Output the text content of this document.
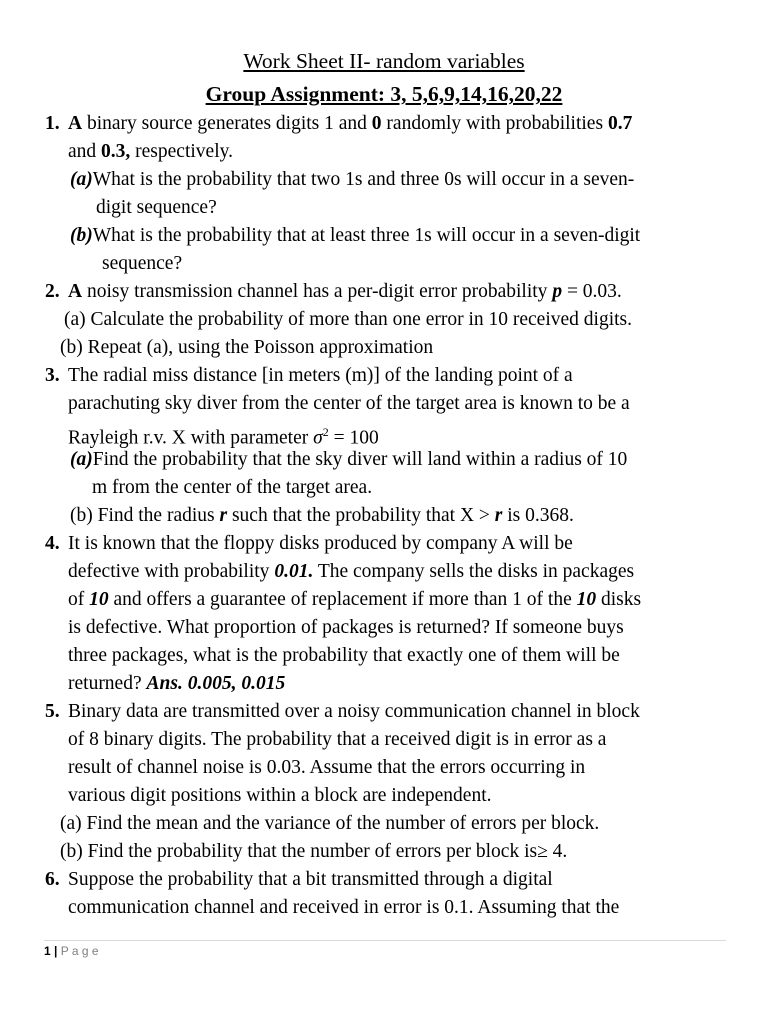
Work Sheet II- random variables
Group Assignment: 3, 5,6,9,14,16,20,22
1. A binary source generates digits 1 and 0 randomly with probabilities 0.7
and 0.3, respectively.
(a)What is the probability that two 1s and three 0s will occur in a seven-
digit sequence?
(b)What is the probability that at least three 1s will occur in a seven-digit
sequence?
2. A noisy transmission channel has a per-digit error probability p = 0.03.
(a) Calculate the probability of more than one error in 10 received digits.
(b) Repeat (a), using the Poisson approximation
3. The radial miss distance [in meters (m)] of the landing point of a
parachuting sky diver from the center of the target area is known to be a
Rayleigh r.v. X with parameter $\sigma^2 = 100$
(a)Find the probability that the sky diver will land within a radius of 10
m from the center of the target area.
(b) Find the radius r such that the probability that X > r is 0.368.
4. It is known that the floppy disks produced by company A will be
defective with probability 0.01. The company sells the disks in packages
of 10 and offers a guarantee of replacement if more than 1 of the 10 disks
is defective. What proportion of packages is returned? If someone buys
three packages, what is the probability that exactly one of them will be
returned? Ans. 0.005, 0.015
5. Binary data are transmitted over a noisy communication channel in block
of 8 binary digits. The probability that a received digit is in error as a
result of channel noise is 0.03. Assume that the errors occurring in
various digit positions within a block are independent.
(a) Find the mean and the variance of the number of errors per block.
(b) Find the probability that the number of errors per block is≥ 4.
6. Suppose the probability that a bit transmitted through a digital
communication channel and received in error is 0.1. Assuming that the
1 | P a g e
